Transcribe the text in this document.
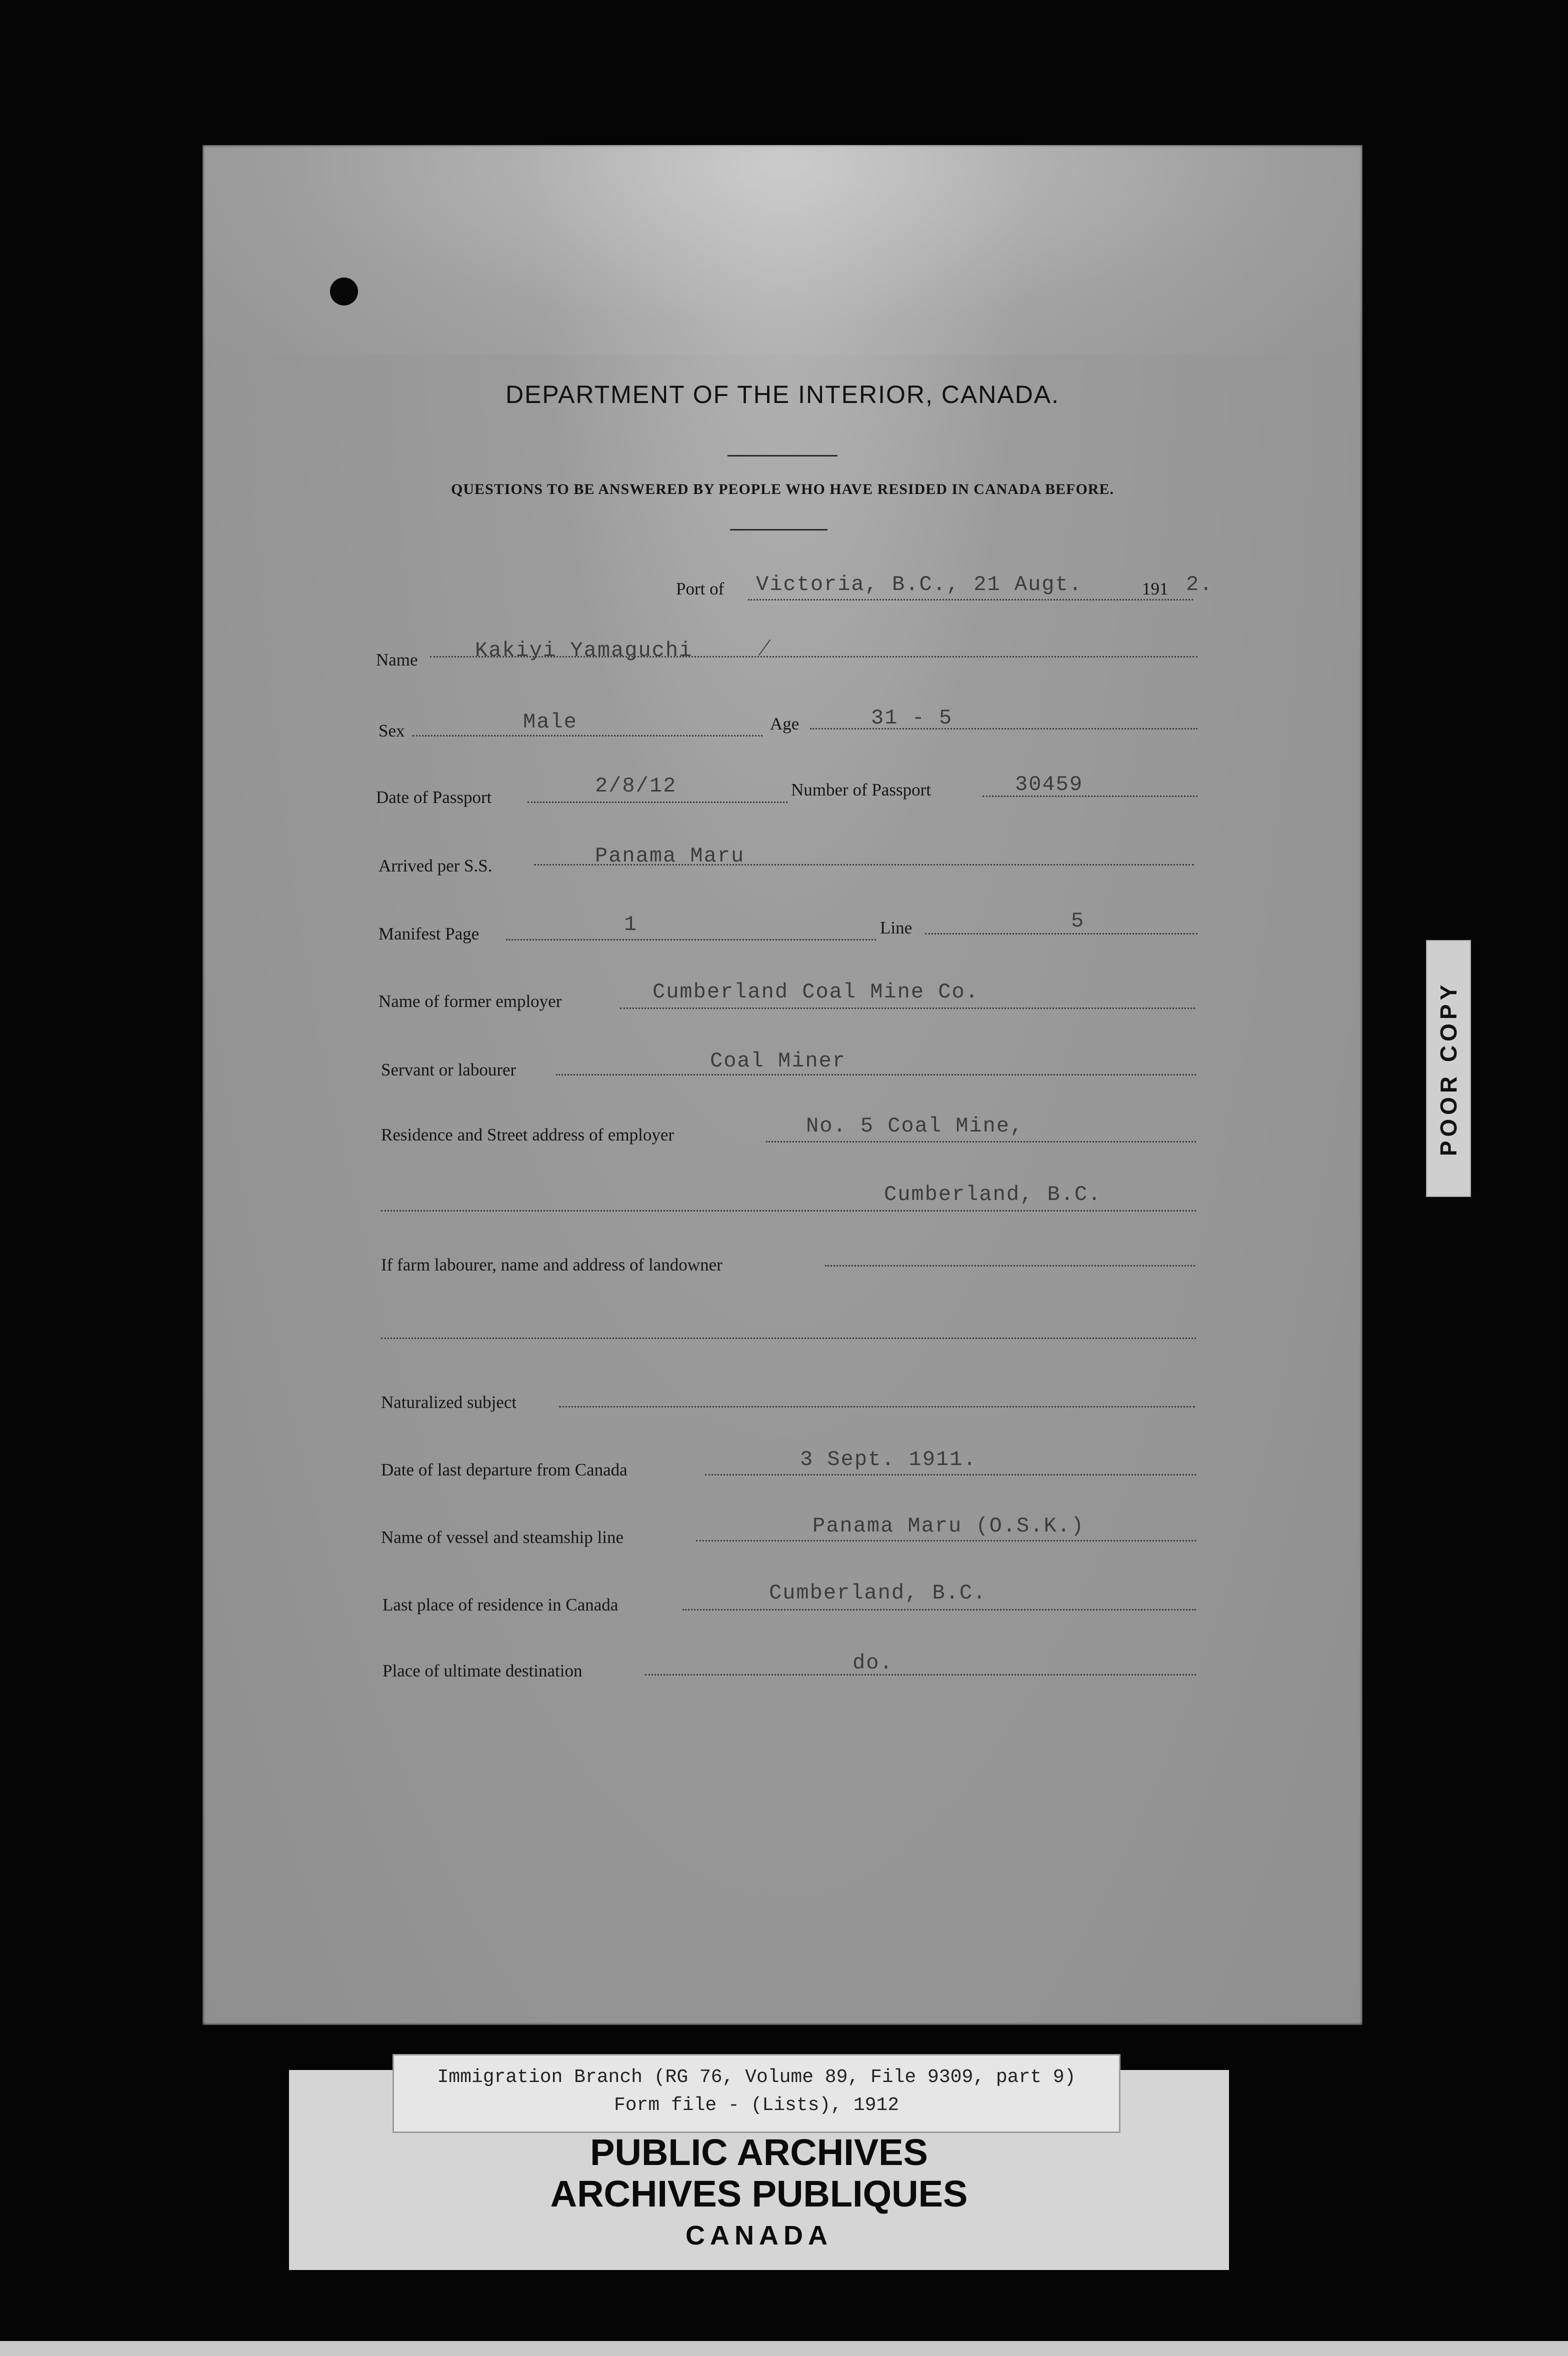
DEPARTMENT OF THE INTERIOR, CANADA.
QUESTIONS TO BE ANSWERED BY PEOPLE WHO HAVE RESIDED IN CANADA BEFORE.
Port of Victoria, B.C., 21 Augt.	191 2.
Name	Kakiyi Yamaguchi	⁄
Sex	Male	Age	31 - 5
Date of Passport	2/8/12	Number of Passport	30459
Arrived per S.S.	Panama Maru
Manifest Page	1	Line	5
Name of former employer	Cumberland Coal Mine Co.
Servant or labourer	Coal Miner
Residence and Street address of employer	No. 5 Coal Mine,
Cumberland, B.C.
If farm labourer, name and address of landowner
Naturalized subject
Date of last departure from Canada	3 Sept. 1911.
Name of vessel and steamship line	Panama Maru (O.S.K.)
Last place of residence in Canada	Cumberland, B.C.
Place of ultimate destination	do.
POOR COPY
Immigration Branch (RG 76, Volume 89, File 9309, part 9)
Form file - (Lists), 1912
PUBLIC ARCHIVES
ARCHIVES PUBLIQUES
CANADA
